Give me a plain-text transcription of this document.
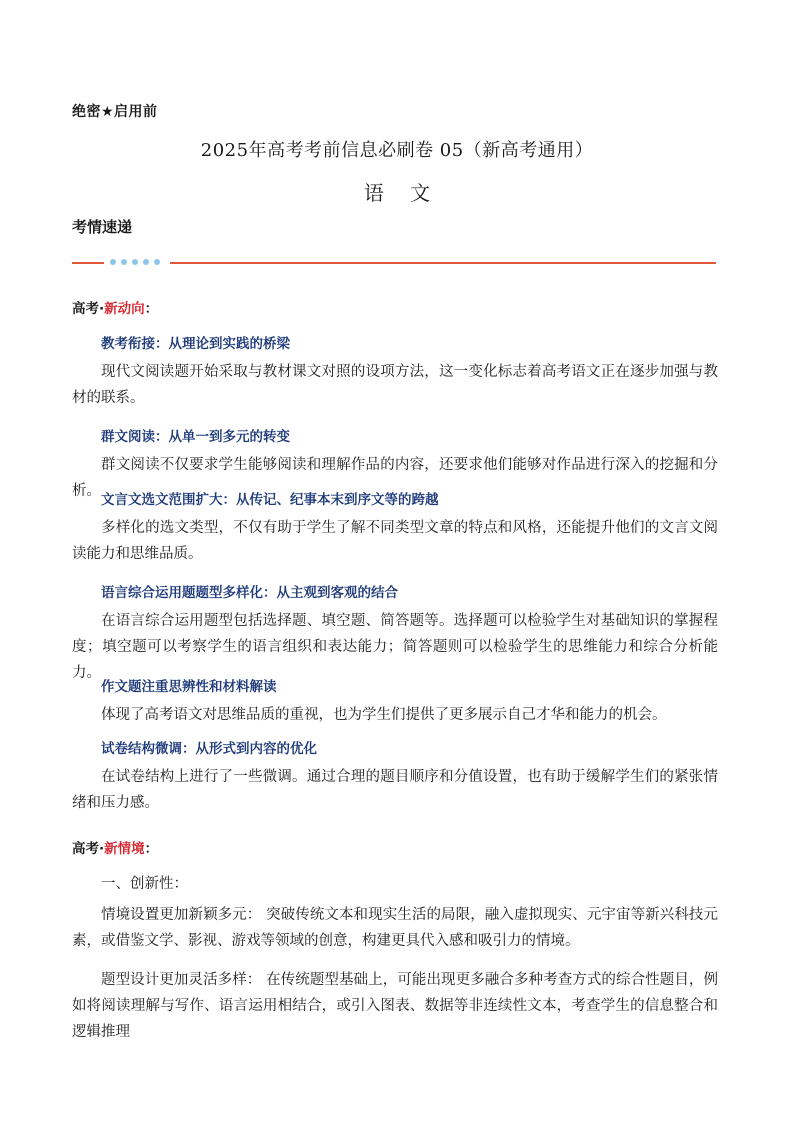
绝密★启用前
2025年高考考前信息必刷卷 05（新高考通用）
语 文
考情速递
高考·新动向：
教考衔接：从理论到实践的桥梁
现代文阅读题开始采取与教材课文对照的设项方法，这一变化标志着高考语文正在逐步加强与教材的联系。
群文阅读：从单一到多元的转变
群文阅读不仅要求学生能够阅读和理解作品的内容，还要求他们能够对作品进行深入的挖掘和分析。
文言文选文范围扩大：从传记、纪事本末到序文等的跨越
多样化的选文类型，不仅有助于学生了解不同类型文章的特点和风格，还能提升他们的文言文阅读能力和思维品质。
语言综合运用题题型多样化：从主观到客观的结合
在语言综合运用题型包括选择题、填空题、简答题等。选择题可以检验学生对基础知识的掌握程度；填空题可以考察学生的语言组织和表达能力；简答题则可以检验学生的思维能力和综合分析能力。
作文题注重思辨性和材料解读
体现了高考语文对思维品质的重视，也为学生们提供了更多展示自己才华和能力的机会。
试卷结构微调：从形式到内容的优化
在试卷结构上进行了一些微调。通过合理的题目顺序和分值设置，也有助于缓解学生们的紧张情绪和压力感。
高考·新情境：
一、创新性：
情境设置更加新颖多元： 突破传统文本和现实生活的局限，融入虚拟现实、元宇宙等新兴科技元素，或借鉴文学、影视、游戏等领域的创意，构建更具代入感和吸引力的情境。
题型设计更加灵活多样： 在传统题型基础上，可能出现更多融合多种考查方式的综合性题目，例如将阅读理解与写作、语言运用相结合，或引入图表、数据等非连续性文本，考查学生的信息整合和逻辑推理
